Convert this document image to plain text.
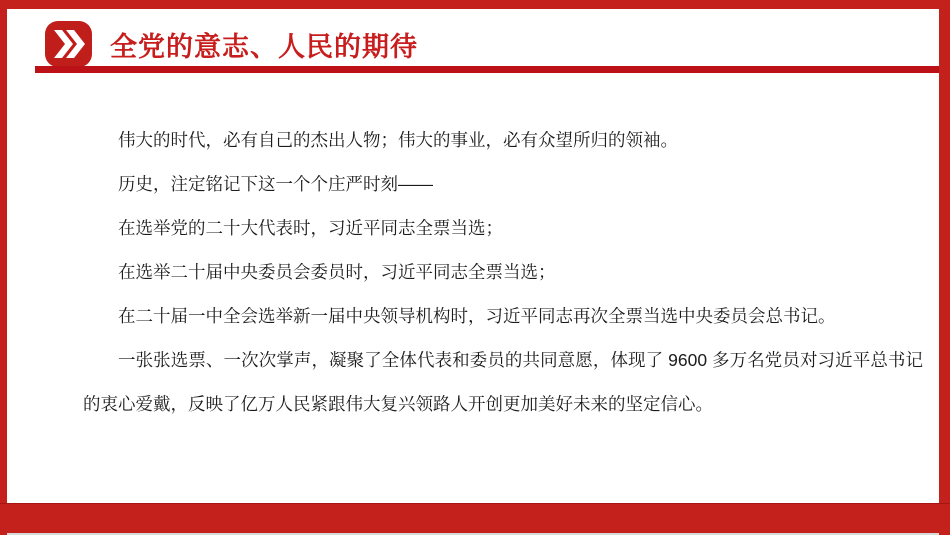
全党的意志、人民的期待

伟大的时代，必有自己的杰出人物；伟大的事业，必有众望所归的领袖。

历史，注定铭记下这一个个庄严时刻——

在选举党的二十大代表时，习近平同志全票当选；

在选举二十届中央委员会委员时，习近平同志全票当选；

在二十届一中全会选举新一届中央领导机构时，习近平同志再次全票当选中央委员会总书记。

一张张选票、一次次掌声，凝聚了全体代表和委员的共同意愿，体现了 9600 多万名党员对习近平总书记的衷心爱戴，反映了亿万人民紧跟伟大复兴领路人开创更加美好未来的坚定信心。
